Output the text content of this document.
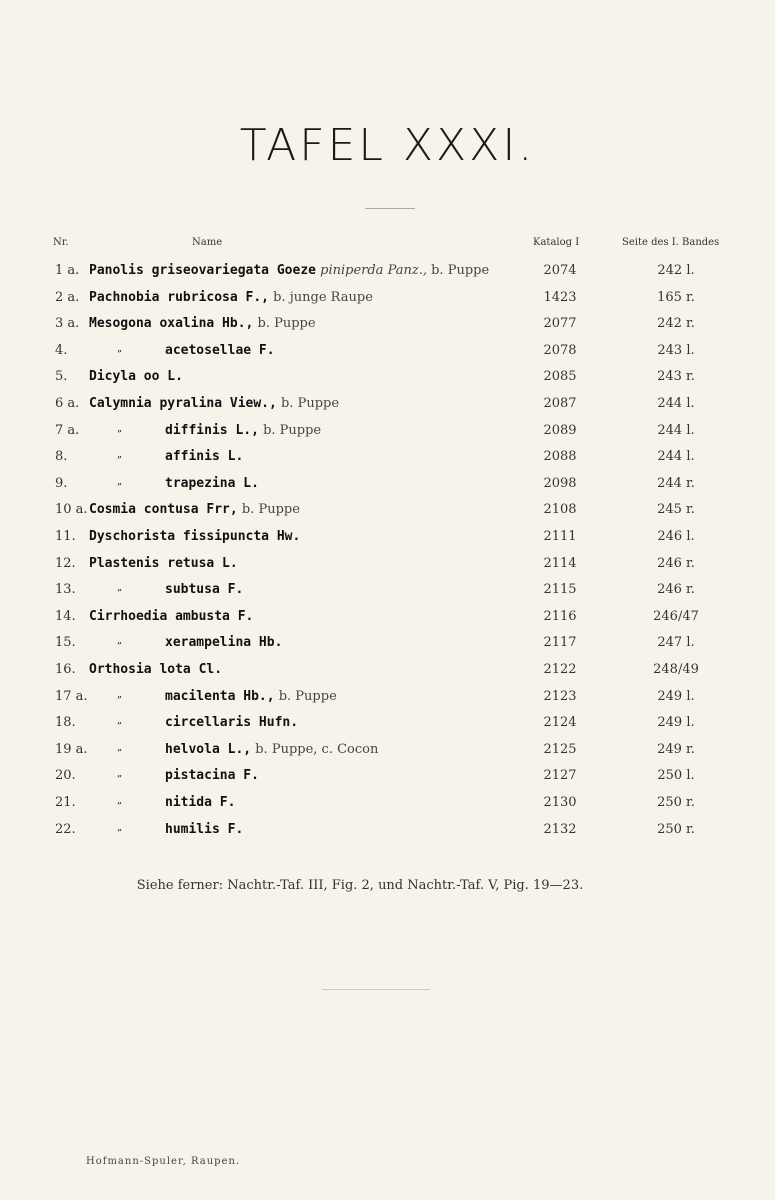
TAFEL XXXI.
Nr.	Name	Katalog I	Seite des I. Bandes
1 a. Panolis griseovariegata Goeze piniperda Panz., b. Puppe	2074	242 l.
2 a. Pachnobia rubricosa F., b. junge Raupe	1423	165 r.
3 a. Mesogona oxalina Hb., b. Puppe	2077	242 r.
4.	„	acetosellae F.	2078	243 l.
5. Dicyla oo L.	2085	243 r.
6 a. Calymnia pyralina View., b. Puppe	2087	244 l.
7 a.	„	diffinis L., b. Puppe	2089	244 l.
8.	„	affinis L.	2088	244 l.
9.	„	trapezina L.	2098	244 r.
10 a. Cosmia contusa Frr, b. Puppe	2108	245 r.
11. Dyschorista fissipuncta Hw.	2111	246 l.
12. Plastenis retusa L.	2114	246 r.
13.	„	subtusa F.	2115	246 r.
14. Cirrhoedia ambusta F.	2116	246/47
15.	„	xerampelina Hb.	2117	247 l.
16. Orthosia lota Cl.	2122	248/49
17 a.	„	macilenta Hb., b. Puppe	2123	249 l.
18.	„	circellaris Hufn.	2124	249 l.
19 a.	„	helvola L., b. Puppe, c. Cocon	2125	249 r.
20.	„	pistacina F.	2127	250 l.
21.	„	nitida F.	2130	250 r.
22.	„	humilis F.	2132	250 r.
Siehe ferner: Nachtr.-Taf. III, Fig. 2, und Nachtr.-Taf. V, Pig. 19—23.
Hofmann-Spuler, Raupen.
